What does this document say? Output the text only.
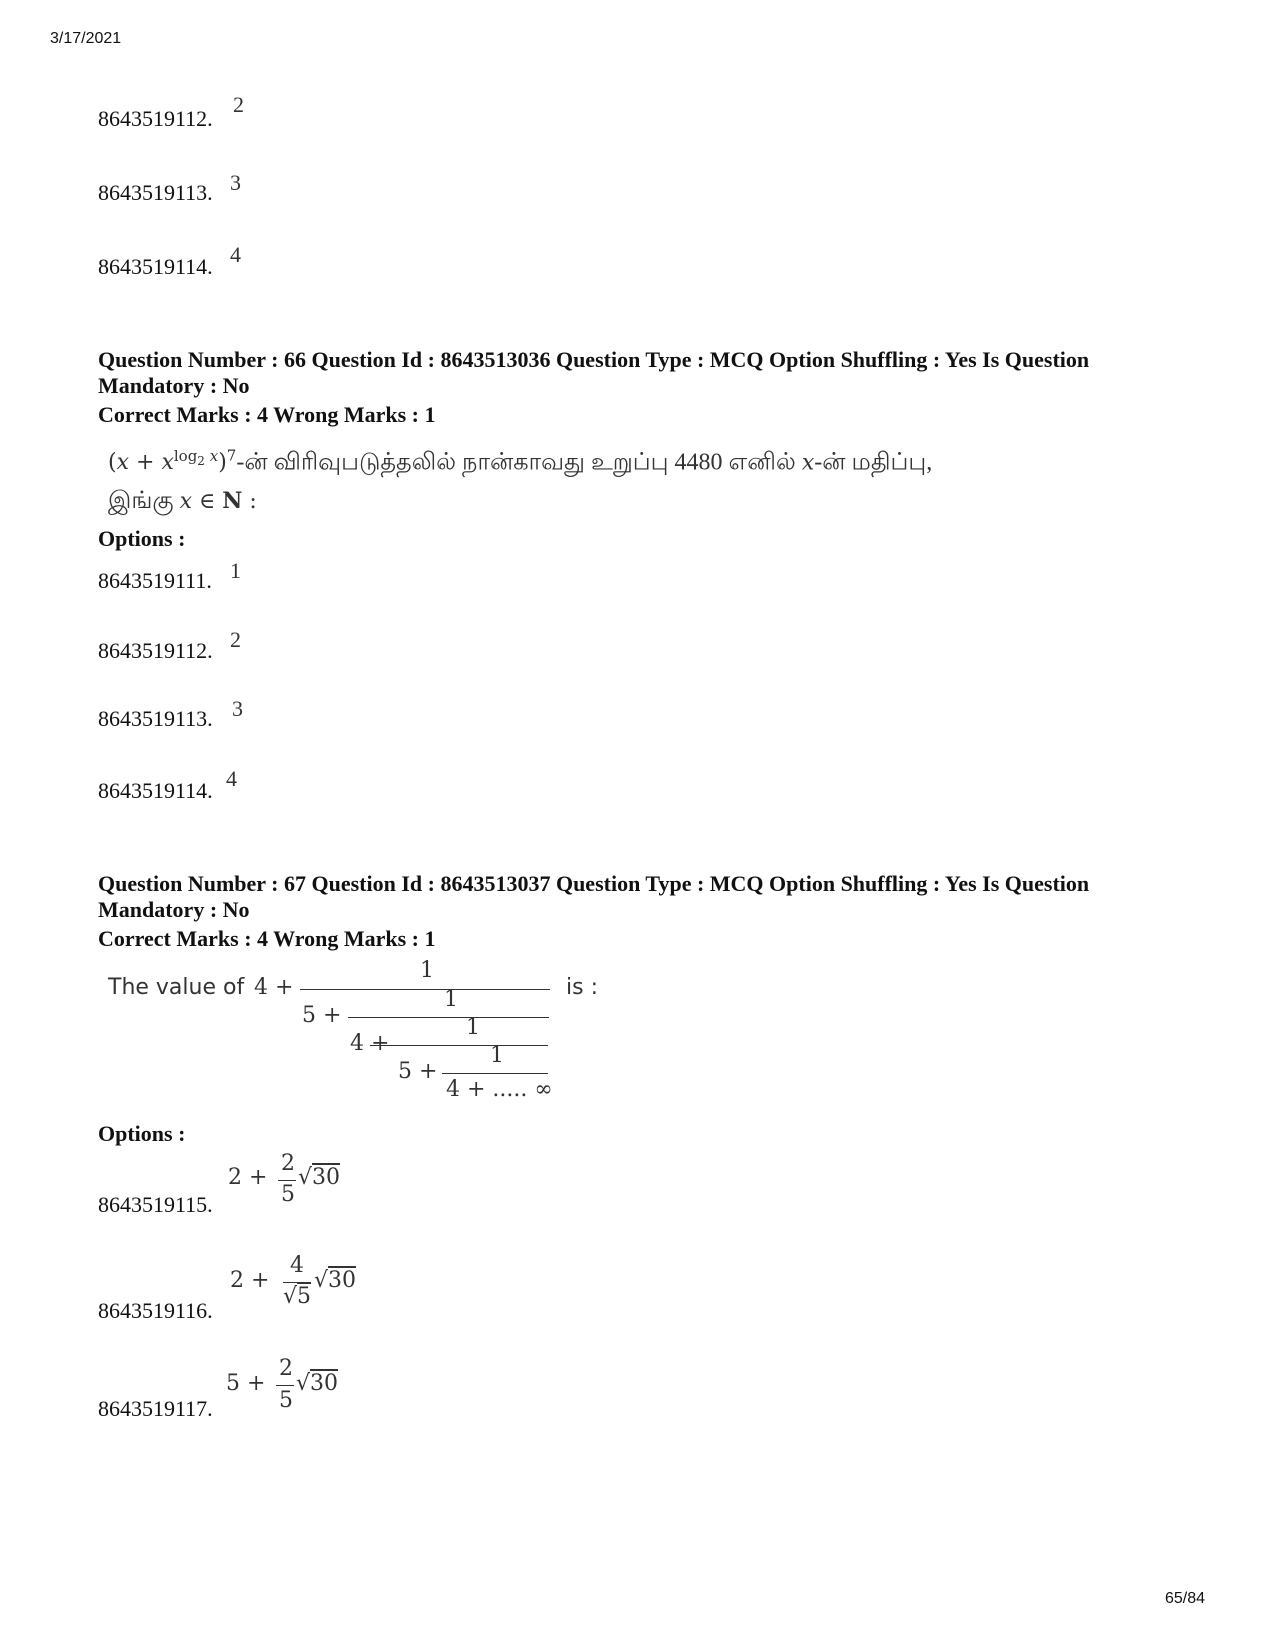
3/17/2021
8643519112.
2
8643519113. 3
8643519114. 4
Question Number : 66 Question Id : 8643513036 Question Type : MCQ Option Shuffling : Yes Is Question
Mandatory : No
Correct Marks : 4 Wrong Marks : 1
$(x + x^{log_2 x})^7-ன்$ விரிவுபடுத்தலில் நான்காவது உறுப்பு 4480 எனில் x-ன் மதிப்பு,
இங்கு x ∈ N :
Options :
8643519111. 1
8643519112. 2
8643519113. 3
8643519114. 4
Question Number : 67 Question Id : 8643513037 Question Type : MCQ Option Shuffling : Yes Is Question
Mandatory : No
Correct Marks : 4 Wrong Marks : 1
The value of 4 +
1
is :
5 +
1
4 +
1
5 +
1
4 + ..... ∞
Options :
8643519115.
2 +
2
5
√30
8643519116.
2 +
4
√5
√30
8643519117.
5 +
2
5
√30
65/84
